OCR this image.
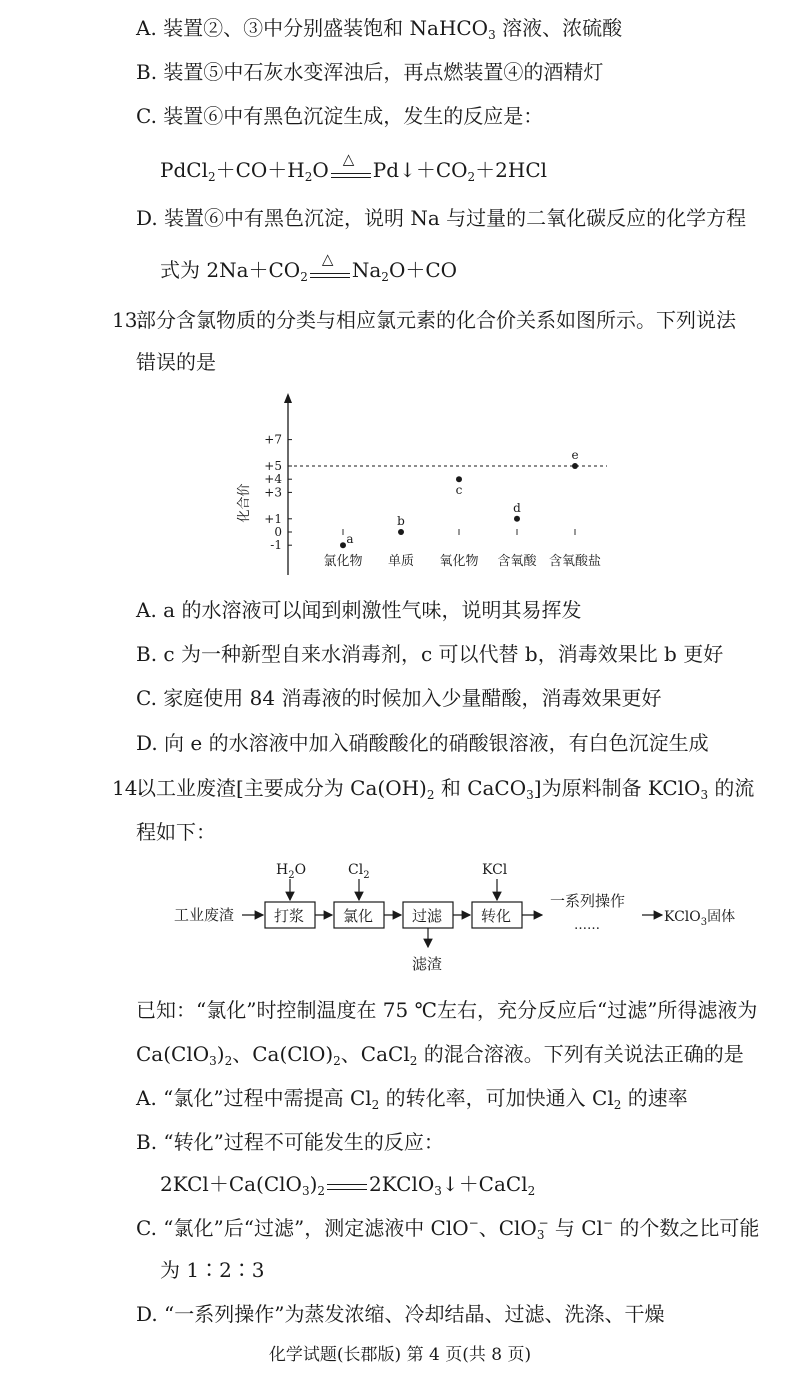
A. 装置②、③中分别盛装饱和 NaHCO$_3$ 溶液、浓硫酸
B. 装置⑤中石灰水变浑浊后，再点燃装置④的酒精灯
C. 装置⑥中有黑色沉淀生成，发生的反应是：
$PdCl_2+CO+H_2O$ △ $Pd↓+CO_2+2HCl$
D. 装置⑥中有黑色沉淀，说明 Na 与过量的二氧化碳反应的化学方程
式为 $2Na+CO_2$
△ $Na_2O+CO$
13.
部分含氯物质的分类与相应氯元素的化合价关系如图所示。下列说法
错误的是
化合价
+7
+5
+4
+3
+1
0
-1
氯化物 单质 氧化物 含氧酸 含氧酸盐
a
b
c
d
e
A. a 的水溶液可以闻到刺激性气味，说明其易挥发
B. c 为一种新型自来水消毒剂，c 可以代替 b，消毒效果比 b 更好
C. 家庭使用 84 消毒液的时候加入少量醋酸，消毒效果更好
D. 向 e 的水溶液中加入硝酸酸化的硝酸银溶液，有白色沉淀生成
14.
以工业废渣[主要成分为 $Ca(OH)_2$ 和 CaCO$_3$]为原料制备 KClO$_3$ 的流
程如下：
工业废渣	打浆	氯化	过滤	转化
$H_2O$	$Cl_2$	KCl
滤渣
一系列操作
……
KClO$_3$固体
已知：“氯化”时控制温度在 75 ℃左右，充分反应后“过滤”所得滤液为
$Ca(ClO_3)_2$、$Ca(ClO)_2$、CaCl$_2$ 的混合溶液。下列有关说法正确的是
A. “氯化”过程中需提高 $Cl_2$ 的转化率，可加快通入 $Cl_2$ 的速率
B. “转化”过程不可能发生的反应：
$2KCl+Ca(ClO_3)_2$ 2KClO$_3$↓＋CaCl$_2$
C. “氯化”后“过滤”，测定滤液中 ClO−、ClO$_3$− 与 Cl− 的个数之比可能
为 1∶2∶3
D. “一系列操作”为蒸发浓缩、冷却结晶、过滤、洗涤、干燥
化学试题(长郡版) 第 4 页(共 8 页)
